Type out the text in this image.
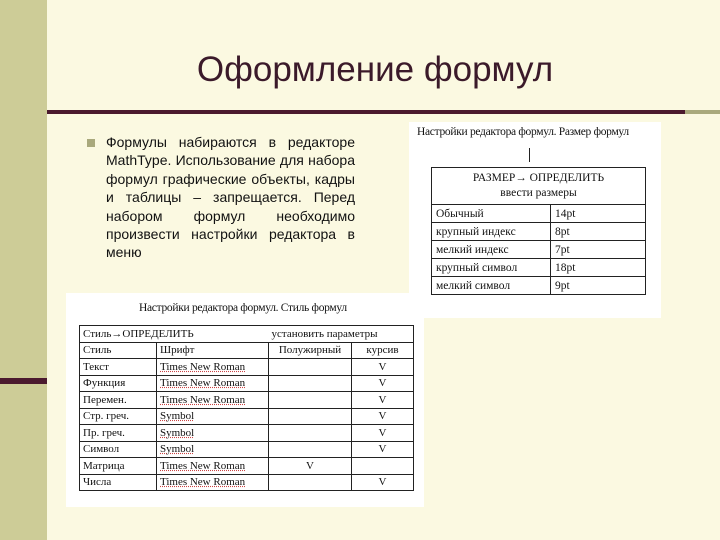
Оформление формул
Формулы набираются в редакторе MathType. Использование для набора формул графические объекты, кадры и таблицы – запрещается. Перед набором формул необходимо произвести настройки редактора в меню
Настройки редактора формул. Размер формул
РАЗМЕР→ ОПРЕДЕЛИТЬ
ввести размеры	

Обычный	14pt
крупный индекс	8pt
мелкий индекс	7pt
крупный символ	18pt
мелкий символ	9pt
Настройки редактора формул. Стиль формул
Стиль→ОПРЕДЕЛИТЬ		установить параметры	
Стиль	Шрифт	Полужирный	курсив
Текст	Times New Roman		V
Функция	Times New Roman		V
Перемен.	Times New Roman		V
Стр. греч.	Symbol		V
Пр. греч.	Symbol		V
Символ	Symbol		V
Матрица	Times New Roman	V	
Числа	Times New Roman		V
